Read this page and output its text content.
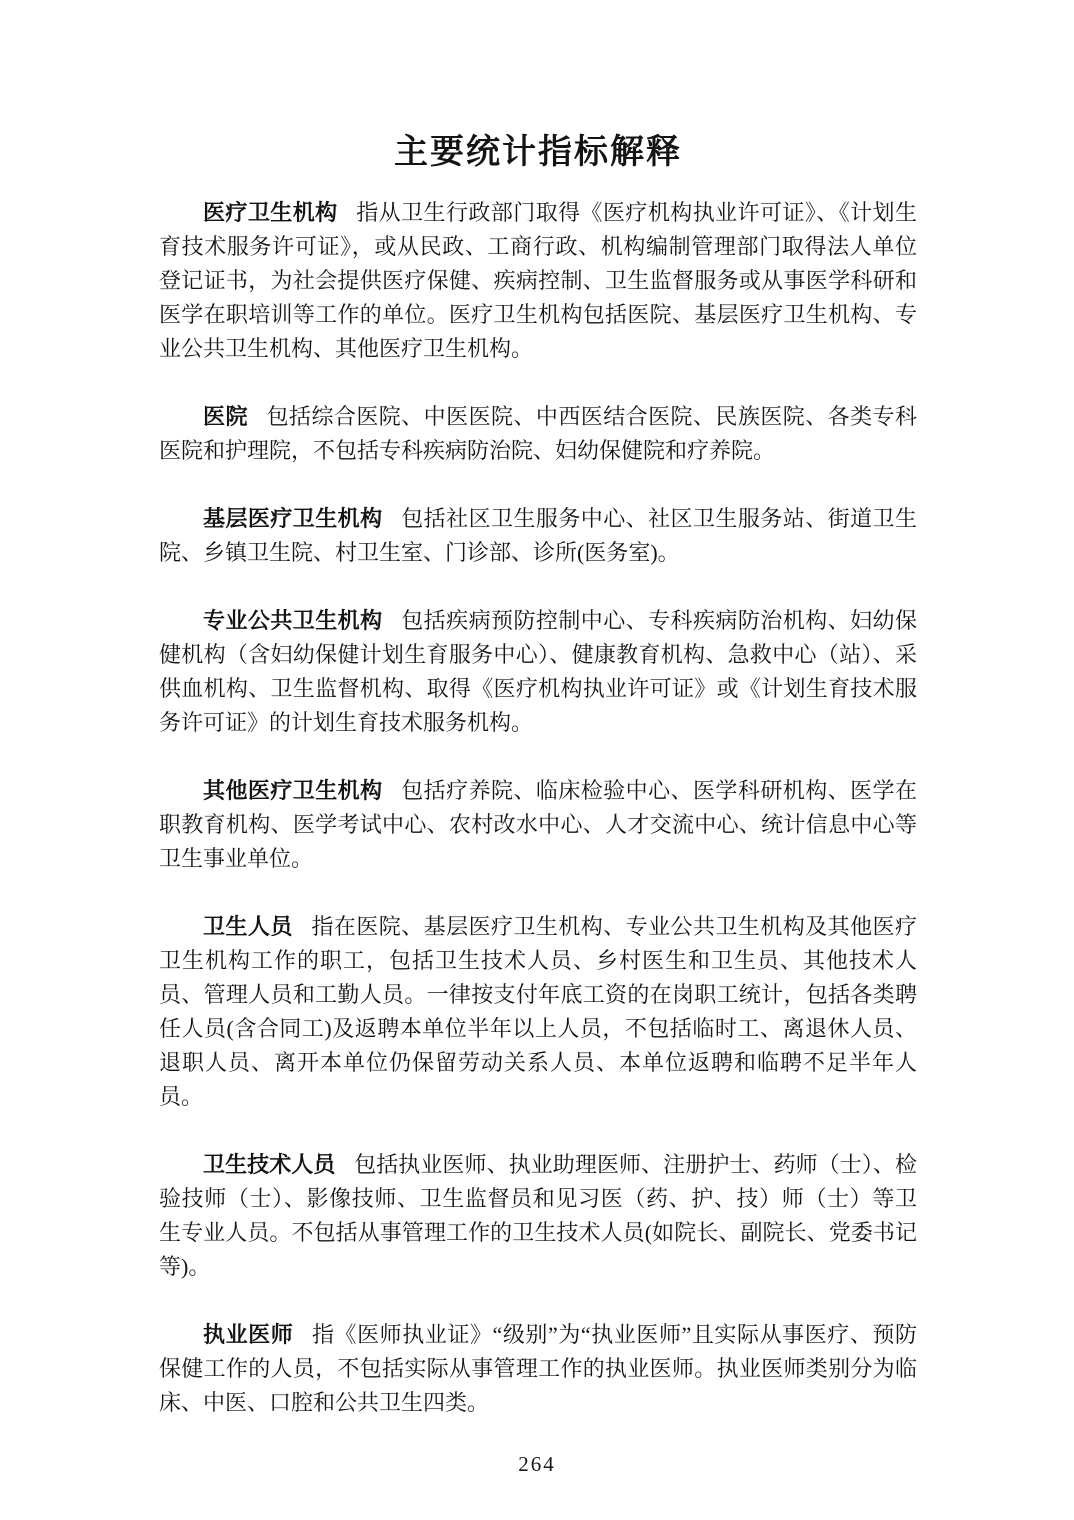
主要统计指标解释

医疗卫生机构 指从卫生行政部门取得《医疗机构执业许可证》、《计划生育技术服务许可证》，或从民政、工商行政、机构编制管理部门取得法人单位登记证书，为社会提供医疗保健、疾病控制、卫生监督服务或从事医学科研和医学在职培训等工作的单位。医疗卫生机构包括医院、基层医疗卫生机构、专业公共卫生机构、其他医疗卫生机构。

医院 包括综合医院、中医医院、中西医结合医院、民族医院、各类专科医院和护理院，不包括专科疾病防治院、妇幼保健院和疗养院。

基层医疗卫生机构 包括社区卫生服务中心、社区卫生服务站、街道卫生院、乡镇卫生院、村卫生室、门诊部、诊所(医务室)。

专业公共卫生机构 包括疾病预防控制中心、专科疾病防治机构、妇幼保健机构（含妇幼保健计划生育服务中心）、健康教育机构、急救中心（站）、采供血机构、卫生监督机构、取得《医疗机构执业许可证》或《计划生育技术服务许可证》的计划生育技术服务机构。

其他医疗卫生机构 包括疗养院、临床检验中心、医学科研机构、医学在职教育机构、医学考试中心、农村改水中心、人才交流中心、统计信息中心等卫生事业单位。

卫生人员 指在医院、基层医疗卫生机构、专业公共卫生机构及其他医疗卫生机构工作的职工，包括卫生技术人员、乡村医生和卫生员、其他技术人员、管理人员和工勤人员。一律按支付年底工资的在岗职工统计，包括各类聘任人员(含合同工)及返聘本单位半年以上人员，不包括临时工、离退休人员、退职人员、离开本单位仍保留劳动关系人员、本单位返聘和临聘不足半年人员。

卫生技术人员 包括执业医师、执业助理医师、注册护士、药师（士）、检验技师（士）、影像技师、卫生监督员和见习医（药、护、技）师（士）等卫生专业人员。不包括从事管理工作的卫生技术人员(如院长、副院长、党委书记等)。

执业医师 指《医师执业证》“级别”为“执业医师”且实际从事医疗、预防保健工作的人员，不包括实际从事管理工作的执业医师。执业医师类别分为临床、中医、口腔和公共卫生四类。

264
